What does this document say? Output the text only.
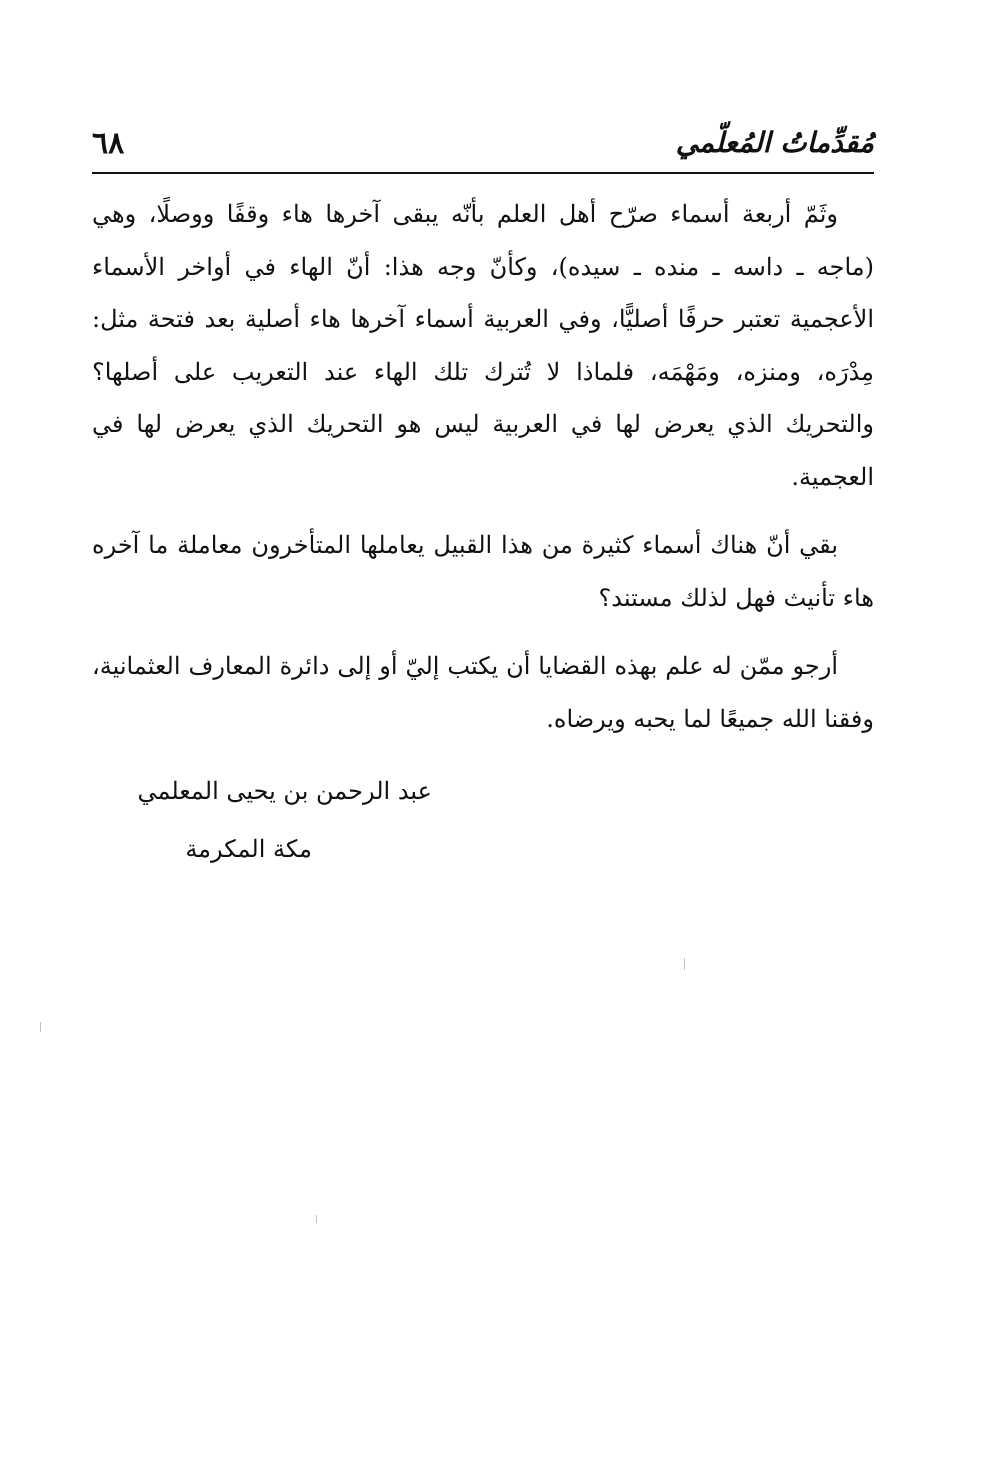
٦٨	مُقدِّماتُ المُعلّمي

وثَمّ أربعة أسماء صرّح أهل العلم بأنّه يبقى آخرها هاء وقفًا ووصلًا، وهي (ماجه ـ داسه ـ منده ـ سيده)، وكأنّ وجه هذا: أنّ الهاء في أواخر الأسماء الأعجمية تعتبر حرفًا أصليًّا، وفي العربية أسماء آخرها هاء أصلية بعد فتحة مثل: مِدْرَه، ومنزه، ومَهْمَه، فلماذا لا تُترك تلك الهاء عند التعريب على أصلها؟ والتحريك الذي يعرض لها في العربية ليس هو التحريك الذي يعرض لها في العجمية.

بقي أنّ هناك أسماء كثيرة من هذا القبيل يعاملها المتأخرون معاملة ما آخره هاء تأنيث فهل لذلك مستند؟

أرجو ممّن له علم بهذه القضايا أن يكتب إليّ أو إلى دائرة المعارف العثمانية، وفقنا الله جميعًا لما يحبه ويرضاه.

عبد الرحمن بن يحيى المعلمي
مكة المكرمة
